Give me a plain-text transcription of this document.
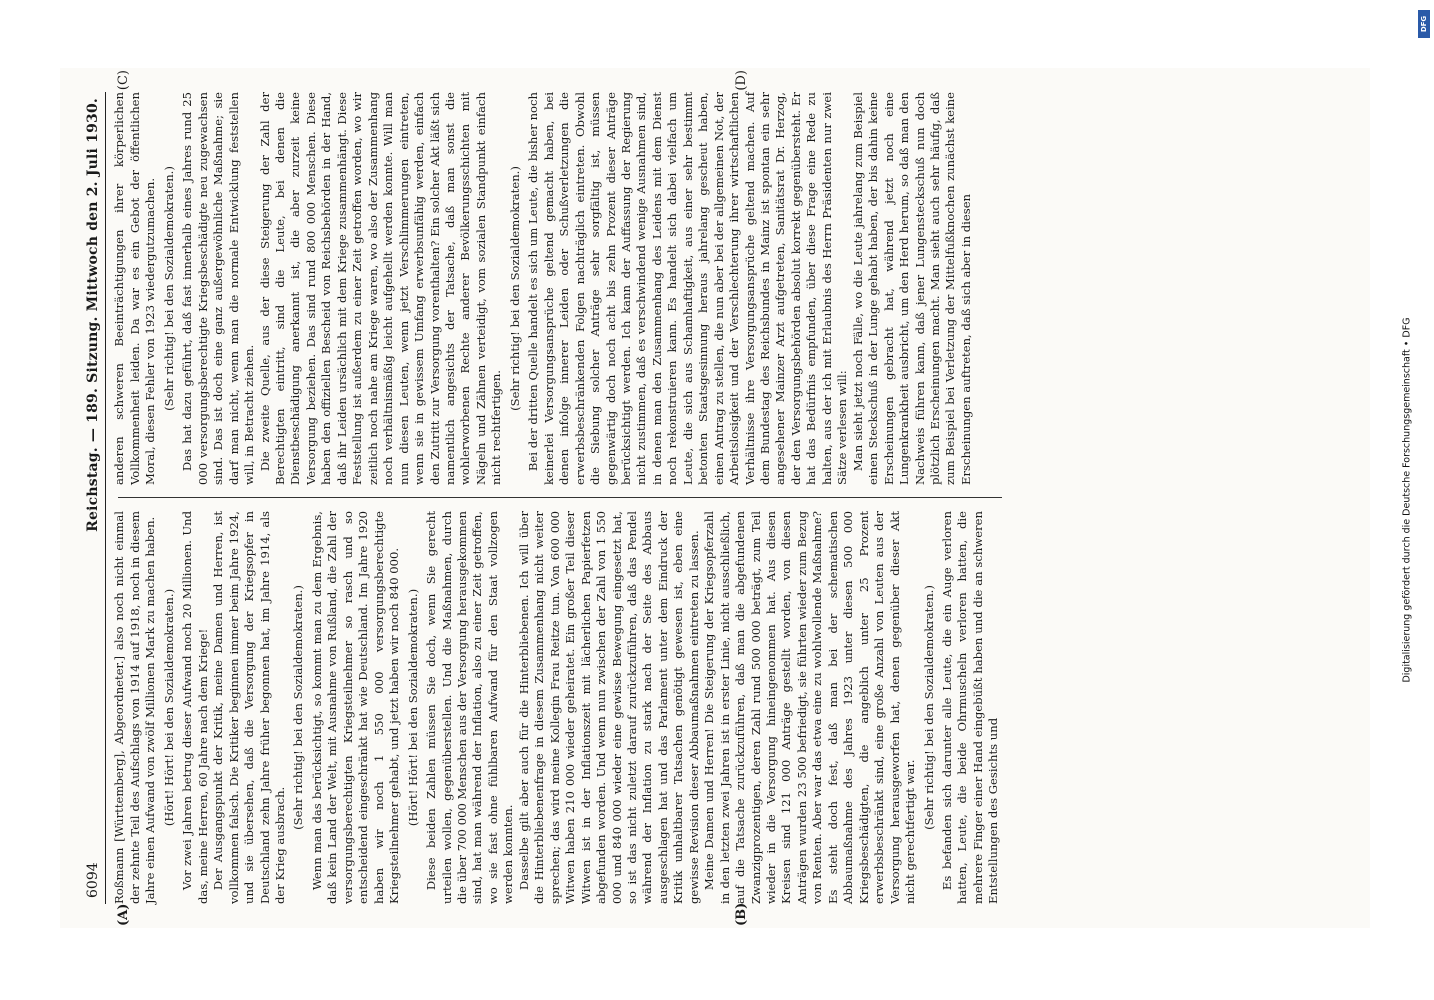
6094
Reichstag. — 189. Sitzung. Mittwoch den 2. Juli 1930.
(A)	(B)

Roßmann [Württemberg], Abgeordneter.] also noch nicht einmal der zehnte Teil des Aufschlags von 1914 auf 1918, noch in diesem Jahre einen Aufwand von zwölf Millionen Mark zu machen haben. (Hört! Hört! bei den Sozialdemokraten.) Vor zwei Jahren betrug dieser Aufwand noch 20 Millionen. Und das, meine Herren, 60 Jahre nach dem Kriege! Der Ausgangspunkt der Kritik, meine Damen und Herren, ist vollkommen falsch. Die Kritiker beginnen immer beim Jahre 1924, und sie übersehen, daß die Versorgung der Kriegsopfer in Deutschland zehn Jahre früher begonnen hat, im Jahre 1914, als der Krieg ausbrach.

(Sehr richtig! bei den Sozialdemokraten.) Wenn man das berücksichtigt, so kommt man zu dem Ergebnis, daß kein Land der Welt, mit Ausnahme von Rußland, die Zahl der versorgungsberechtigten Kriegsteilnehmer so rasch und so entscheidend eingeschränkt hat wie Deutschland. Im Jahre 1920 haben wir noch 1 550 000 versorgungsberechtigte Kriegsteilnehmer gehabt, und jetzt haben wir noch 840 000. (Hört! Hört! bei den Sozialdemokraten.) Diese beiden Zahlen müssen Sie doch, wenn Sie gerecht urteilen wollen, gegenüberstellen. Und die Maßnahmen, durch die über 700 000 Menschen aus der Versorgung herausgekommen sind, hat man während der Inflation, also zu einer Zeit getroffen, wo sie fast ohne fühlbaren Aufwand für den Staat vollzogen werden konnten. Dasselbe gilt aber auch für die Hinterbliebenen. Ich will über die Hinterbliebenenfrage in diesem Zusammenhang nicht weiter sprechen; das wird meine Kollegin Frau Reitze tun. Von 600 000 Witwen haben 210 000 wieder geheiratet. Ein großer Teil dieser Witwen ist in der Inflationszeit mit lächerlichen Papierfetzen abgefunden worden. Und wenn nun zwischen der Zahl von 1 550 000 und 840 000 wieder eine gewisse Bewegung eingesetzt hat, so ist das nicht zuletzt darauf zurückzuführen, daß das Pendel während der Inflation zu stark nach der Seite des Abbaus ausgeschlagen hat und das Parlament unter dem Eindruck der Kritik unhaltbarer Tatsachen genötigt gewesen ist, eben eine gewisse Revision dieser Abbaumaßnahmen eintreten zu lassen. Meine Damen und Herren! Die Steigerung der Kriegsopferzahl in den letzten zwei Jahren ist in erster Linie, nicht ausschließlich, auf die Tatsache zurückzuführen, daß man die abgefundenen Zwanzigprozentigen, deren Zahl rund 500 000 beträgt, zum Teil wieder in die Versorgung hineingenommen hat. Aus diesen Kreisen sind 121 000 Anträge gestellt worden, von diesen Anträgen wurden 23 500 befriedigt, sie führten wieder zum Bezug von Renten. Aber war das etwa eine zu wohlwollende Maßnahme? Es steht doch fest, daß man bei der schematischen Abbaumaßnahme des Jahres 1923 unter diesen 500 000 Kriegsbeschädigten, die angeblich unter 25 Prozent erwerbsbeschränkt sind, eine große Anzahl von Leuten aus der Versorgung herausgeworfen hat, denen gegenüber dieser Akt nicht gerechtfertigt war.

(Sehr richtig! bei den Sozialdemokraten.) Es befanden sich darunter alle Leute, die ein Auge verloren hatten, Leute, die beide Ohrmuscheln verloren hatten, die mehrere Finger einer Hand eingebüßt haben und die an schweren Entstellungen des Gesichts und

(C)	(D)

anderen schweren Beeinträchtigungen ihrer körperlichen Vollkommenheit leiden. Da war es ein Gebot der öffentlichen Moral, diesen Fehler von 1923 wiedergutzumachen. (Sehr richtig! bei den Sozialdemokraten.) Das hat dazu geführt, daß fast innerhalb eines Jahres rund 25 000 versorgungsberechtigte Kriegsbeschädigte neu zugewachsen sind. Das ist doch eine ganz außergewöhnliche Maßnahme; sie darf man nicht, wenn man die normale Entwicklung feststellen will, in Betracht ziehen. Die zweite Quelle, aus der diese Steigerung der Zahl der Berechtigten eintritt, sind die Leute, bei denen die Dienstbeschädigung anerkannt ist, die aber zurzeit keine Versorgung beziehen. Das sind rund 800 000 Menschen. Diese haben den offiziellen Bescheid von Reichsbehörden in der Hand, daß ihr Leiden ursächlich mit dem Kriege zusammenhängt. Diese Feststellung ist außerdem zu einer Zeit getroffen worden, wo wir zeitlich noch nahe am Kriege waren, wo also der Zusammenhang noch verhältnismäßig leicht aufgehellt werden konnte. Will man nun diesen Leuten, wenn jetzt Verschlimmerungen eintreten, wenn sie in gewissem Umfang erwerbsunfähig werden, einfach den Zutritt zur Versorgung vorenthalten? Ein solcher Akt läßt sich namentlich angesichts der Tatsache, daß man sonst die wohlerworbenen Rechte anderer Bevölkerungsschichten mit Nägeln und Zähnen verteidigt, vom sozialen Standpunkt einfach nicht rechtfertigen.

(Sehr richtig! bei den Sozialdemokraten.) Bei der dritten Quelle handelt es sich um Leute, die bisher noch keinerlei Versorgungsansprüche geltend gemacht haben, bei denen infolge innerer Leiden oder Schußverletzungen die erwerbsbeschränkenden Folgen nachträglich eintreten. Obwohl die Siebung solcher Anträge sehr sorgfältig ist, müssen gegenwärtig doch noch acht bis zehn Prozent dieser Anträge berücksichtigt werden. Ich kann der Auffassung der Regierung nicht zustimmen, daß es verschwindend wenige Ausnahmen sind, in denen man den Zusammenhang des Leidens mit dem Dienst noch rekonstruieren kann. Es handelt sich dabei vielfach um Leute, die sich aus Schamhaftigkeit, aus einer sehr bestimmt betonten Staatsgesinnung heraus jahrelang gescheut haben, einen Antrag zu stellen, die nun aber bei der allgemeinen Not, der Arbeitslosigkeit und der Verschlechterung ihrer wirtschaftlichen Verhältnisse ihre Versorgungsansprüche geltend machen. Auf dem Bundestag des Reichsbundes in Mainz ist spontan ein sehr angesehener Mainzer Arzt aufgetreten, Sanitätsrat Dr. Herzog, der den Versorgungsbehörden absolut korrekt gegenübersteht. Er hat das Bedürfnis empfunden, über diese Frage eine Rede zu halten, aus der ich mit Erlaubnis des Herrn Präsidenten nur zwei Sätze verlesen will: Man sieht jetzt noch Fälle, wo die Leute jahrelang zum Beispiel einen Steckschuß in der Lunge gehabt haben, der bis dahin keine Erscheinungen gebracht hat, während jetzt noch eine Lungenkrankheit ausbricht, um den Herd herum, so daß man den Nachweis führen kann, daß jener Lungensteckschuß nun doch plötzlich Erscheinungen macht. Man sieht auch sehr häufig, daß zum Beispiel bei Verletzung der Mittelfußknochen zunächst keine Erscheinungen auftreten, daß sich aber in diesen	Digitalisierung gefördert durch die Deutsche Forschungsgemeinschaft • DFG
DFG
